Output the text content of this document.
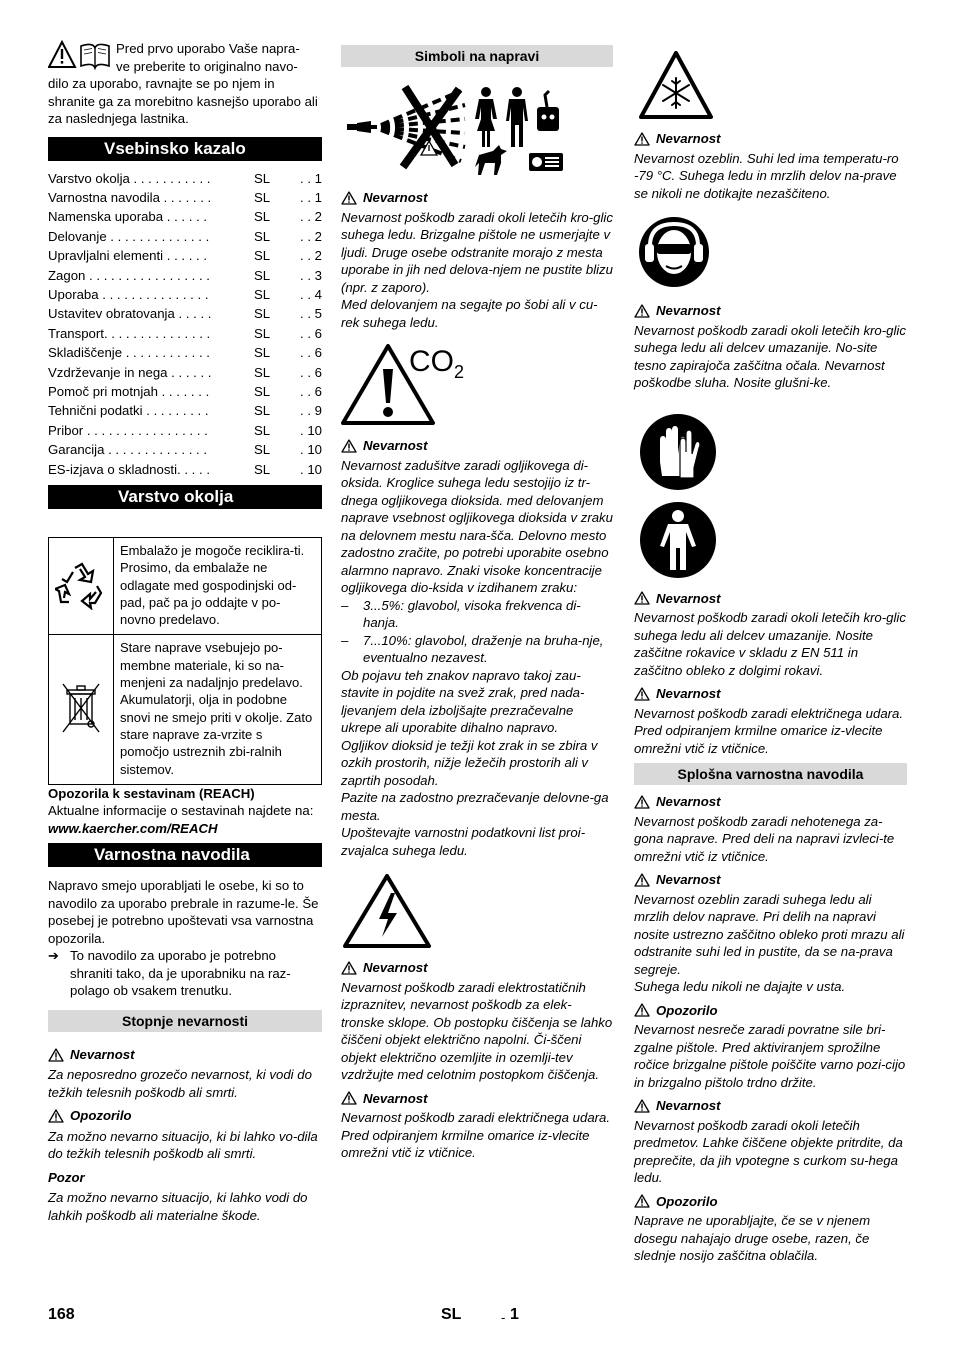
Pred prvo uporabo Vaše napra-

ve preberite to originalno navo-

dilo za uporabo, ravnajte se po njem in shranite ga za morebitno kasnejšo uporabo ali za naslednjega lastnika.

Vsebinsko kazalo
Varstvo okolja . . . . . . . . . . .	SL	. . 1
Varnostna navodila . . . . . . .	SL	. . 1
Namenska uporaba . . . . . .	SL	. . 2
Delovanje . . . . . . . . . . . . . .	SL	. . 2
Upravljalni elementi . . . . . .	SL	. . 2
Zagon . . . . . . . . . . . . . . . . .	SL	. . 3
Uporaba . . . . . . . . . . . . . . .	SL	. . 4
Ustavitev obratovanja . . . . .	SL	. . 5
Transport. . . . . . . . . . . . . . .	SL	. . 6
Skladiščenje . . . . . . . . . . . .	SL	. . 6
Vzdrževanje in nega . . . . . .	SL	. . 6
Pomoč pri motnjah . . . . . . .	SL	. . 6
Tehnični podatki . . . . . . . . .	SL	. . 9
Pribor . . . . . . . . . . . . . . . . .	SL	. 10
Garancija . . . . . . . . . . . . . .	SL	. 10
ES-izjava o skladnosti. . . . .	SL	. 10
Varstvo okolja
	Embalažo je mogoče reciklira-ti. Prosimo, da embalaže ne odlagate med gospodinjski od-pad, pač pa jo oddajte v po-novno predelavo.
	Stare naprave vsebujejo po-membne materiale, ki so na-menjeni za nadaljnjo predelavo. Akumulatorji, olja in podobne snovi ne smejo priti v okolje. Zato stare naprave za-vrzite s pomočjo ustreznih zbi-ralnih sistemov.

Opozorila k sestavinam (REACH)

Aktualne informacije o sestavinah najdete na:

www.kaercher.com/REACH

Varnostna navodila

Napravo smejo uporabljati le osebe, ki so to navodilo za uporabo prebrale in razume-le. Še posebej je potrebno upoštevati vsa varnostna opozorila.

➔ To navodilo za uporabo je potrebno shraniti tako, da je uporabniku na raz-polago ob vsakem trenutku.

Stopnje nevarnosti
Nevarnost

Za neposredno grozečo nevarnost, ki vodi do težkih telesnih poškodb ali smrti.

Opozorilo

Za možno nevarno situacijo, ki bi lahko vo-dila do težkih telesnih poškodb ali smrti.

Pozor

Za možno nevarno situacijo, ki lahko vodi do lahkih poškodb ali materialne škode.

Simboli na napravi
Nevarnost

Nevarnost poškodb zaradi okoli letečih kro-glic suhega ledu. Brizgalne pištole ne usmerjajte v ljudi. Druge osebe odstranite morajo z mesta uporabe in jih ned delova-njem ne pustite blizu (npr. z zaporo).

Med delovanjem na segajte po šobi ali v cu-rek suhega ledu.

$CO_2$
Nevarnost

Nevarnost zadušitve zaradi ogljikovega di-oksida. Kroglice suhega ledu sestojijo iz tr-dnega ogljikovega dioksida. med delovanjem naprave vsebnost ogljikovega dioksida v zraku na delovnem mestu nara-šča. Delovno mesto zadostno zračite, po potrebi uporabite osebno alarmno napravo. Znaki visoke koncentracije ogljikovega dio-ksida v izdihanem zraku:

–	3...5%: glavobol, visoka frekvenca di-hanja.

–	7...10%: glavobol, draženje na bruha-nje, eventualno nezavest.

Ob pojavu teh znakov napravo takoj zau-stavite in pojdite na svež zrak, pred nada-ljevanjem dela izboljšajte prezračevalne ukrepe ali uporabite dihalno napravo.

Ogljikov dioksid je težji kot zrak in se zbira v ozkih prostorih, nižje ležečih prostorih ali v zaprtih posodah.

Pazite na zadostno prezračevanje delovne-ga mesta.

Upoštevajte varnostni podatkovni list proi-zvajalca suhega ledu.

Nevarnost

Nevarnost poškodb zaradi elektrostatičnih izpraznitev, nevarnost poškodb za elek-tronske sklope. Ob postopku čiščenja se lahko čiščeni objekt električno napolni. Či-ščeni objekt električno ozemljite in ozemlji-tev vzdržujte med celotnim postopkom čiščenja.

Nevarnost

Nevarnost poškodb zaradi električnega udara. Pred odpiranjem krmilne omarice iz-vlecite omrežni vtič iz vtičnice.

Nevarnost

Nevarnost ozeblin. Suhi led ima temperatu-ro -79 °C. Suhega ledu in mrzlih delov na-prave se nikoli ne dotikajte nezaščiteno.

Nevarnost

Nevarnost poškodb zaradi okoli letečih kro-glic suhega ledu ali delcev umazanije. No-site tesno zapirajoča zaščitna očala. Nevarnost poškodbe sluha. Nosite glušni-ke.

Nevarnost

Nevarnost poškodb zaradi okoli letečih kro-glic suhega ledu ali delcev umazanije. Nosite zaščitne rokavice v skladu z EN 511 in zaščitno obleko z dolgimi rokavi.

Nevarnost

Nevarnost poškodb zaradi električnega udara. Pred odpiranjem krmilne omarice iz-vlecite omrežni vtič iz vtičnice.

Splošna varnostna navodila
Nevarnost

Nevarnost poškodb zaradi nehotenega za-gona naprave. Pred deli na napravi izvleci-te omrežni vtič iz vtičnice.

Nevarnost

Nevarnost ozeblin zaradi suhega ledu ali mrzlih delov naprave. Pri delih na napravi nosite ustrezno zaščitno obleko proti mrazu ali odstranite suhi led in pustite, da se na-prava segreje.

Suhega ledu nikoli ne dajajte v usta.

Opozorilo

Nevarnost nesreče zaradi povratne sile bri-zgalne pištole. Pred aktiviranjem sprožilne ročice brizgalne pištole poiščite varno pozi-cijo in brizgalno pištolo trdno držite.

Nevarnost

Nevarnost poškodb zaradi okoli letečih predmetov. Lahke čiščene objekte pritrdite, da preprečite, da jih vpotegne s curkom su-hega ledu.

Opozorilo

Naprave ne uporabljajte, če se v njenem dosegu nahajajo druge osebe, razen, če slednje nosijo zaščitna oblačila.

168	SL	- 1
